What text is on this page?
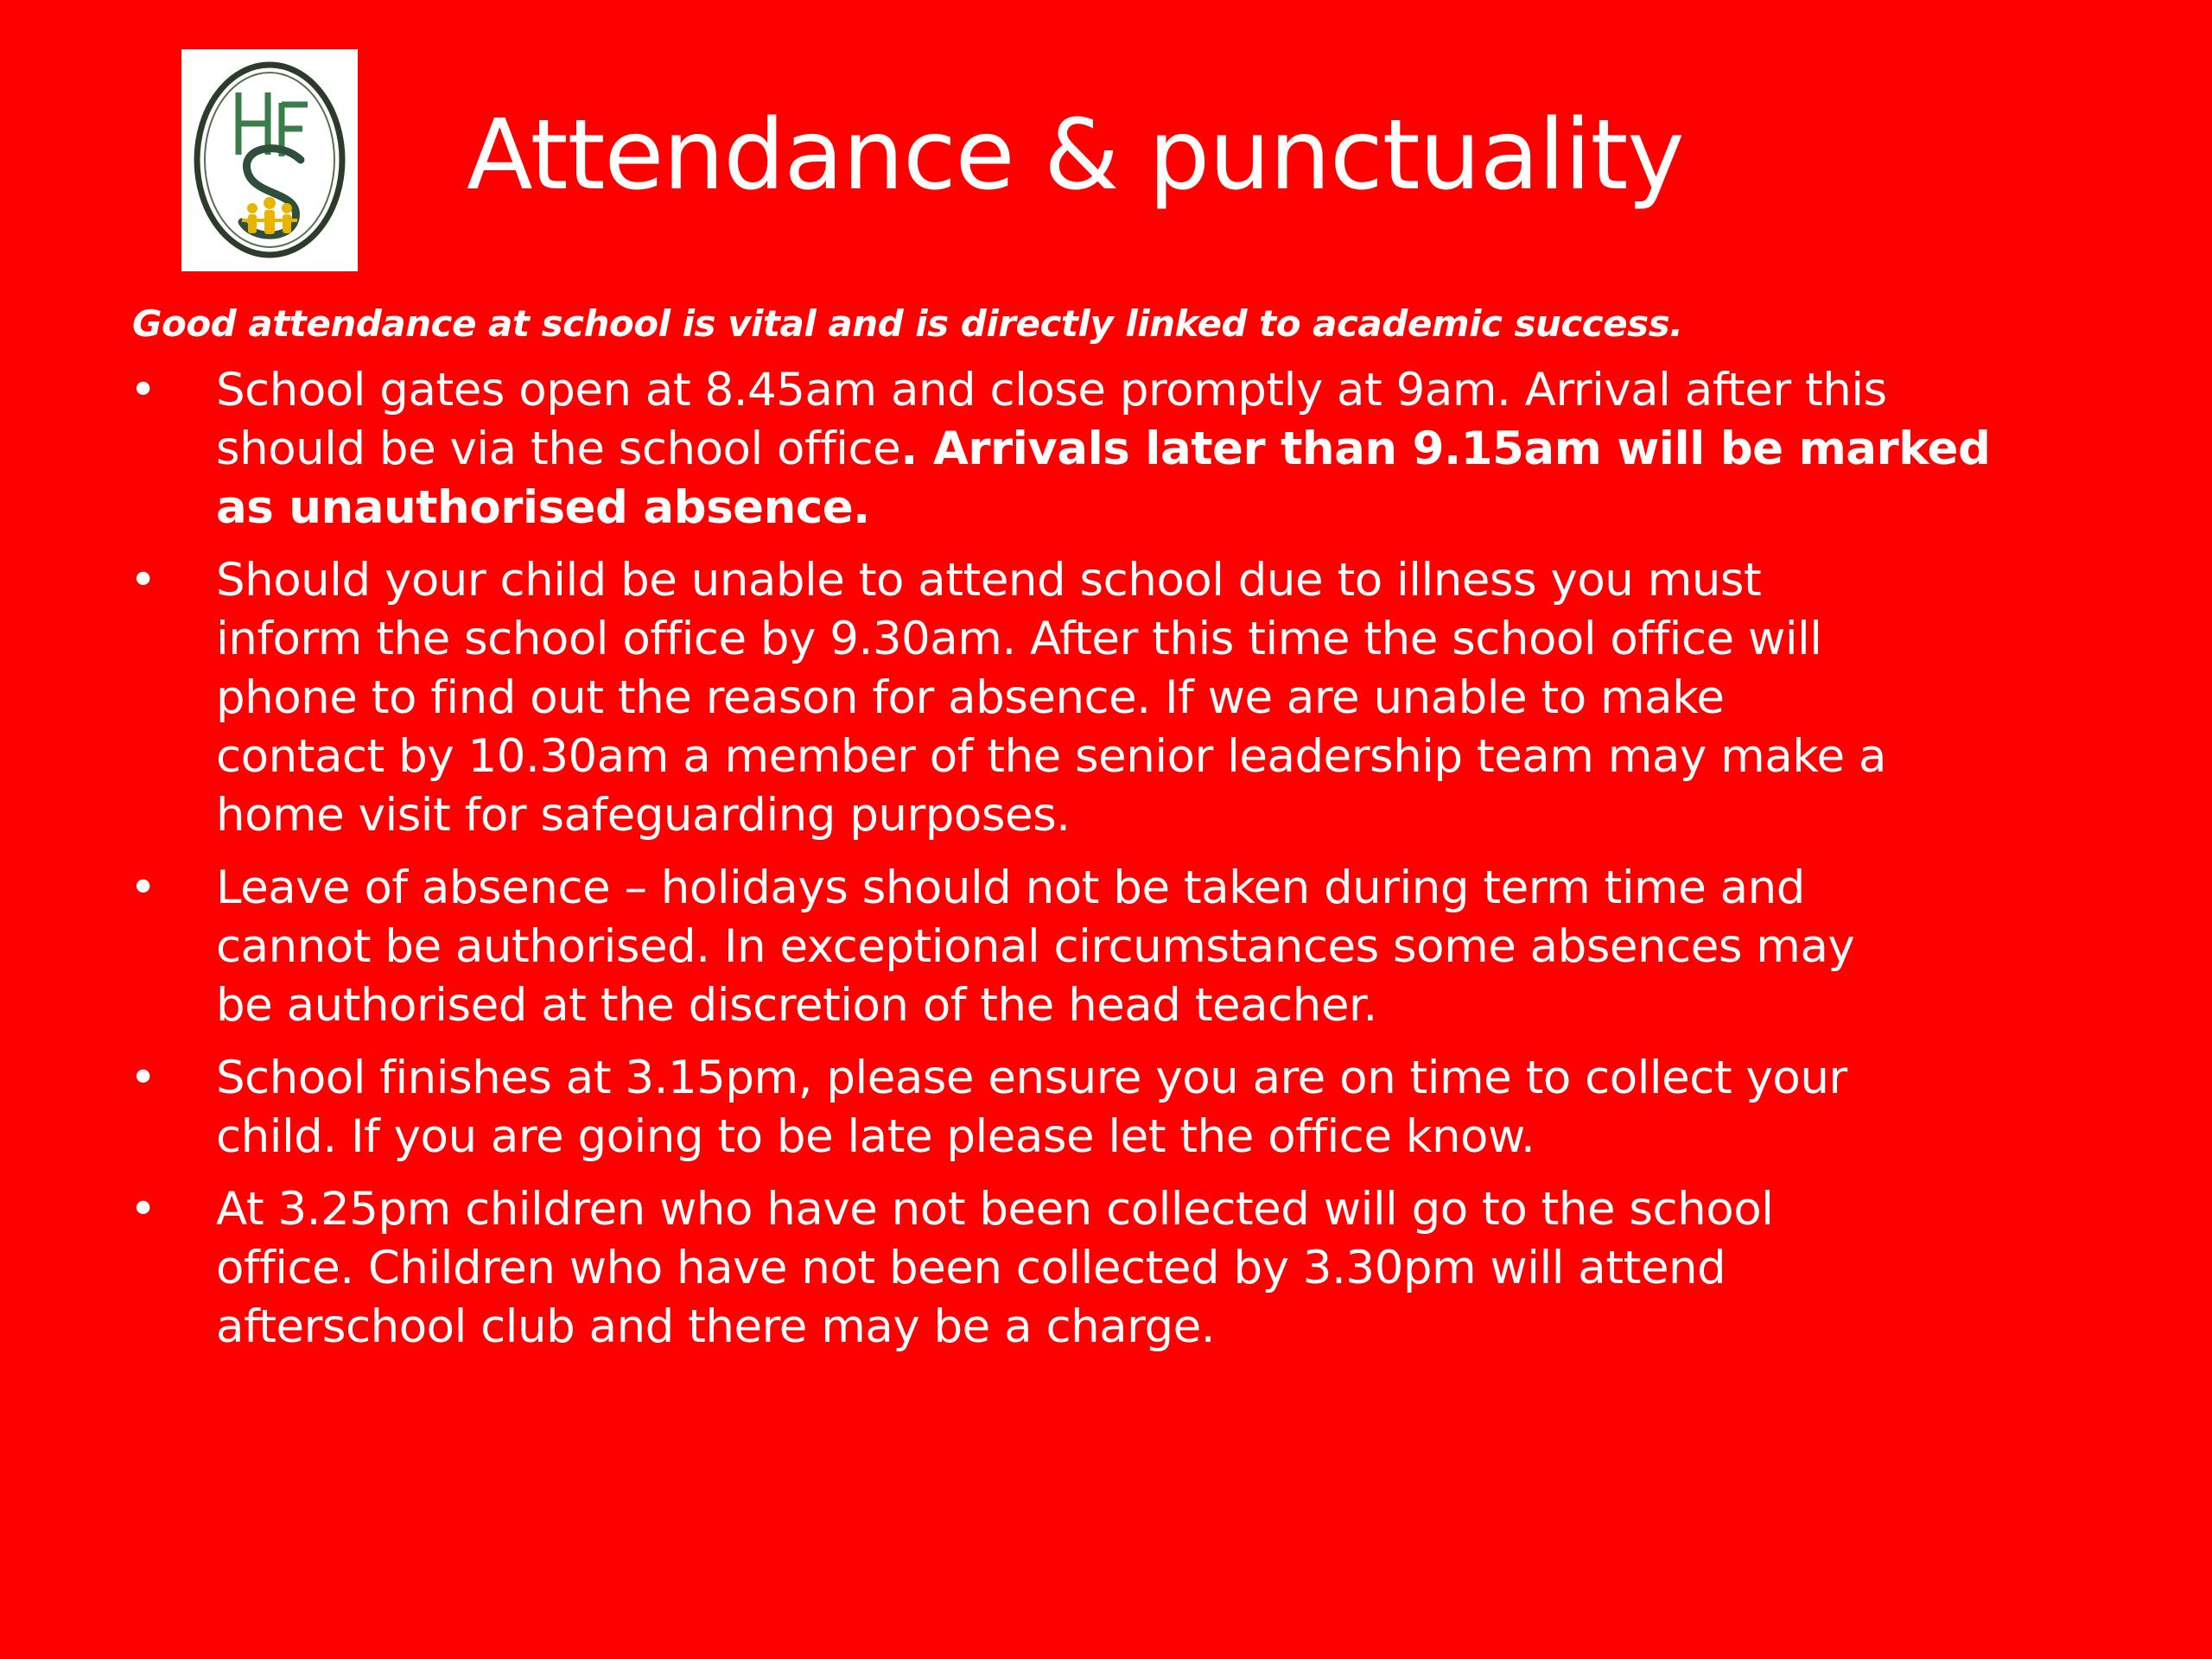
Attendance & punctuality
Good attendance at school is vital and is directly linked to academic success.
• School gates open at 8.45am and close promptly at 9am. Arrival after this
should be via the school office. Arrivals later than 9.15am will be marked
as unauthorised absence.
• Should your child be unable to attend school due to illness you must
inform the school office by 9.30am. After this time the school office will
phone to find out the reason for absence. If we are unable to make
contact by 10.30am a member of the senior leadership team may make a
home visit for safeguarding purposes.
• Leave of absence – holidays should not be taken during term time and
cannot be authorised. In exceptional circumstances some absences may
be authorised at the discretion of the head teacher.
• School finishes at 3.15pm, please ensure you are on time to collect your
child. If you are going to be late please let the office know.
• At 3.25pm children who have not been collected will go to the school
office. Children who have not been collected by 3.30pm will attend
afterschool club and there may be a charge.
